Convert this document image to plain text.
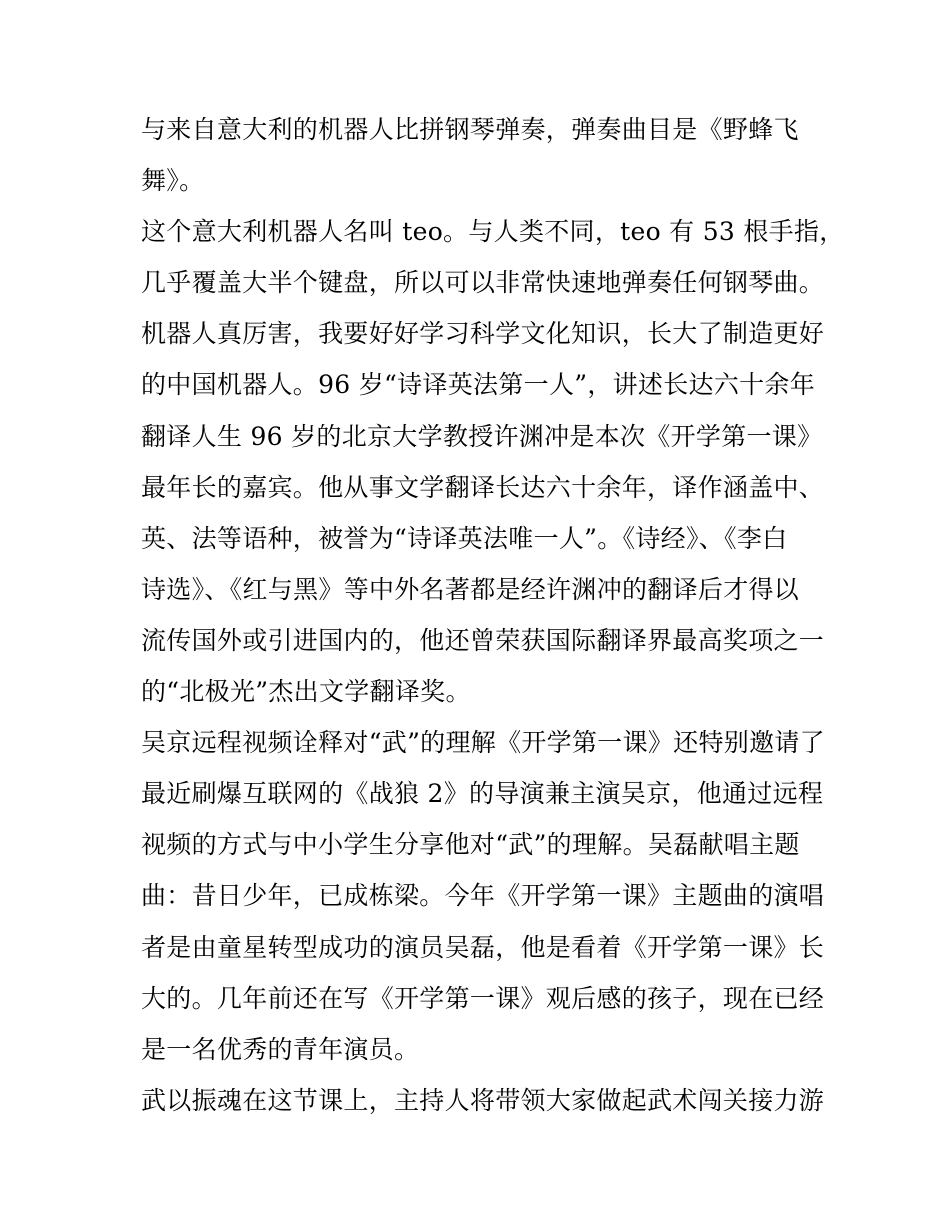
与来自意大利的机器人比拼钢琴弹奏，弹奏曲目是《野蜂飞
舞》。
这个意大利机器人名叫 teo。与人类不同，teo 有 53 根手指，
几乎覆盖大半个键盘，所以可以非常快速地弹奏任何钢琴曲。
机器人真厉害，我要好好学习科学文化知识，长大了制造更好
的中国机器人。96 岁“诗译英法第一人”，讲述长达六十余年
翻译人生 96 岁的北京大学教授许渊冲是本次《开学第一课》
最年长的嘉宾。他从事文学翻译长达六十余年，译作涵盖中、
英、法等语种，被誉为“诗译英法唯一人”。《诗经》、《李白
诗选》、《红与黑》等中外名著都是经许渊冲的翻译后才得以
流传国外或引进国内的，他还曾荣获国际翻译界最高奖项之一
的“北极光”杰出文学翻译奖。
吴京远程视频诠释对“武”的理解《开学第一课》还特别邀请了
最近刷爆互联网的《战狼 2》的导演兼主演吴京，他通过远程
视频的方式与中小学生分享他对“武”的理解。吴磊献唱主题
曲：昔日少年，已成栋梁。今年《开学第一课》主题曲的演唱
者是由童星转型成功的演员吴磊，他是看着《开学第一课》长
大的。几年前还在写《开学第一课》观后感的孩子，现在已经
是一名优秀的青年演员。
武以振魂在这节课上，主持人将带领大家做起武术闯关接力游
